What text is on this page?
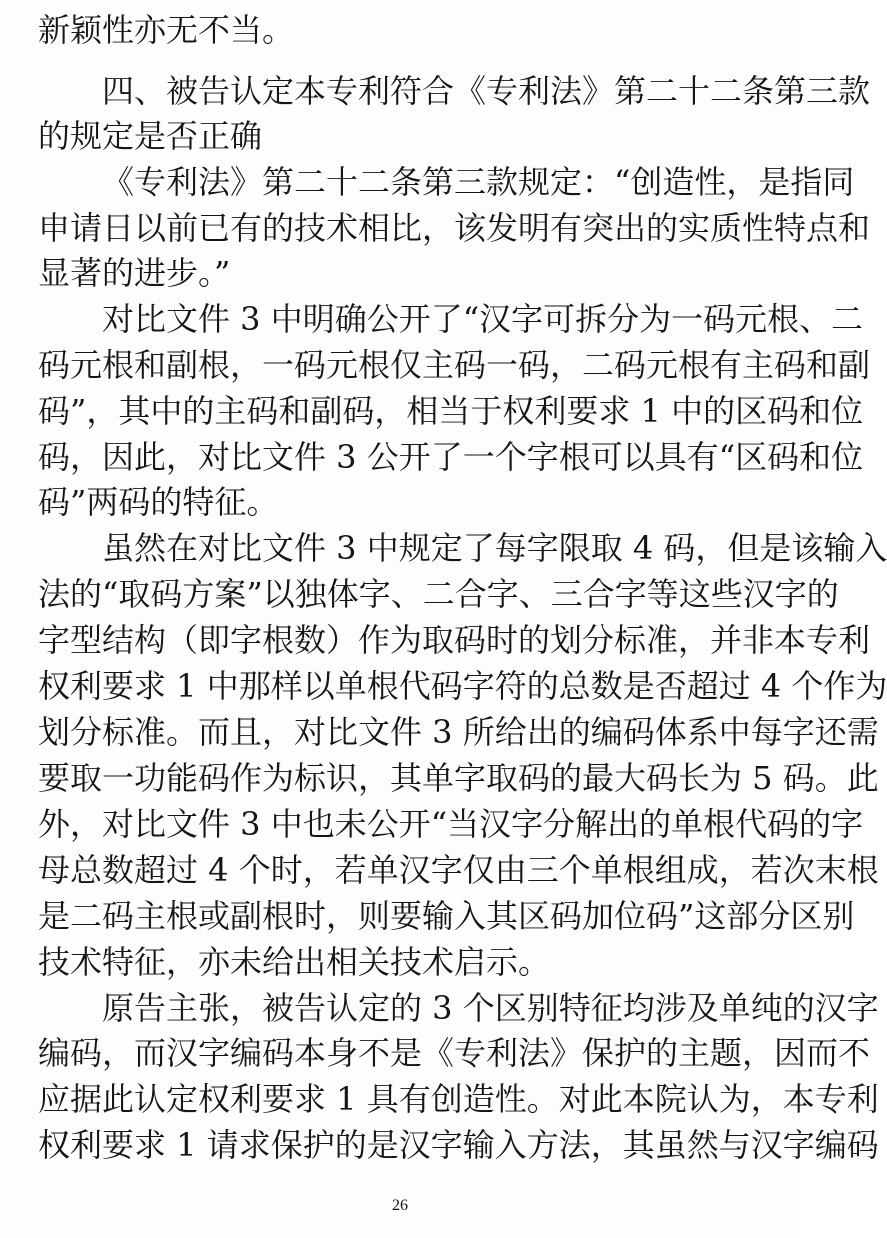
新颖性亦无不当。
四、被告认定本专利符合《专利法》第二十二条第三款
的规定是否正确
《专利法》第二十二条第三款规定：“创造性，是指同
申请日以前已有的技术相比，该发明有突出的实质性特点和
显著的进步。”
对比文件 3 中明确公开了“汉字可拆分为一码元根、二
码元根和副根，一码元根仅主码一码，二码元根有主码和副
码”，其中的主码和副码，相当于权利要求 1 中的区码和位
码，因此，对比文件 3 公开了一个字根可以具有“区码和位
码”两码的特征。
虽然在对比文件 3 中规定了每字限取 4 码，但是该输入
法的“取码方案”以独体字、二合字、三合字等这些汉字的
字型结构（即字根数）作为取码时的划分标准，并非本专利
权利要求 1 中那样以单根代码字符的总数是否超过 4 个作为
划分标准。而且，对比文件 3 所给出的编码体系中每字还需
要取一功能码作为标识，其单字取码的最大码长为 5 码。此
外，对比文件 3 中也未公开“当汉字分解出的单根代码的字
母总数超过 4 个时，若单汉字仅由三个单根组成，若次末根
是二码主根或副根时，则要输入其区码加位码”这部分区别
技术特征，亦未给出相关技术启示。
原告主张，被告认定的 3 个区别特征均涉及单纯的汉字
编码，而汉字编码本身不是《专利法》保护的主题，因而不
应据此认定权利要求 1 具有创造性。对此本院认为，本专利
权利要求 1 请求保护的是汉字输入方法，其虽然与汉字编码
26
